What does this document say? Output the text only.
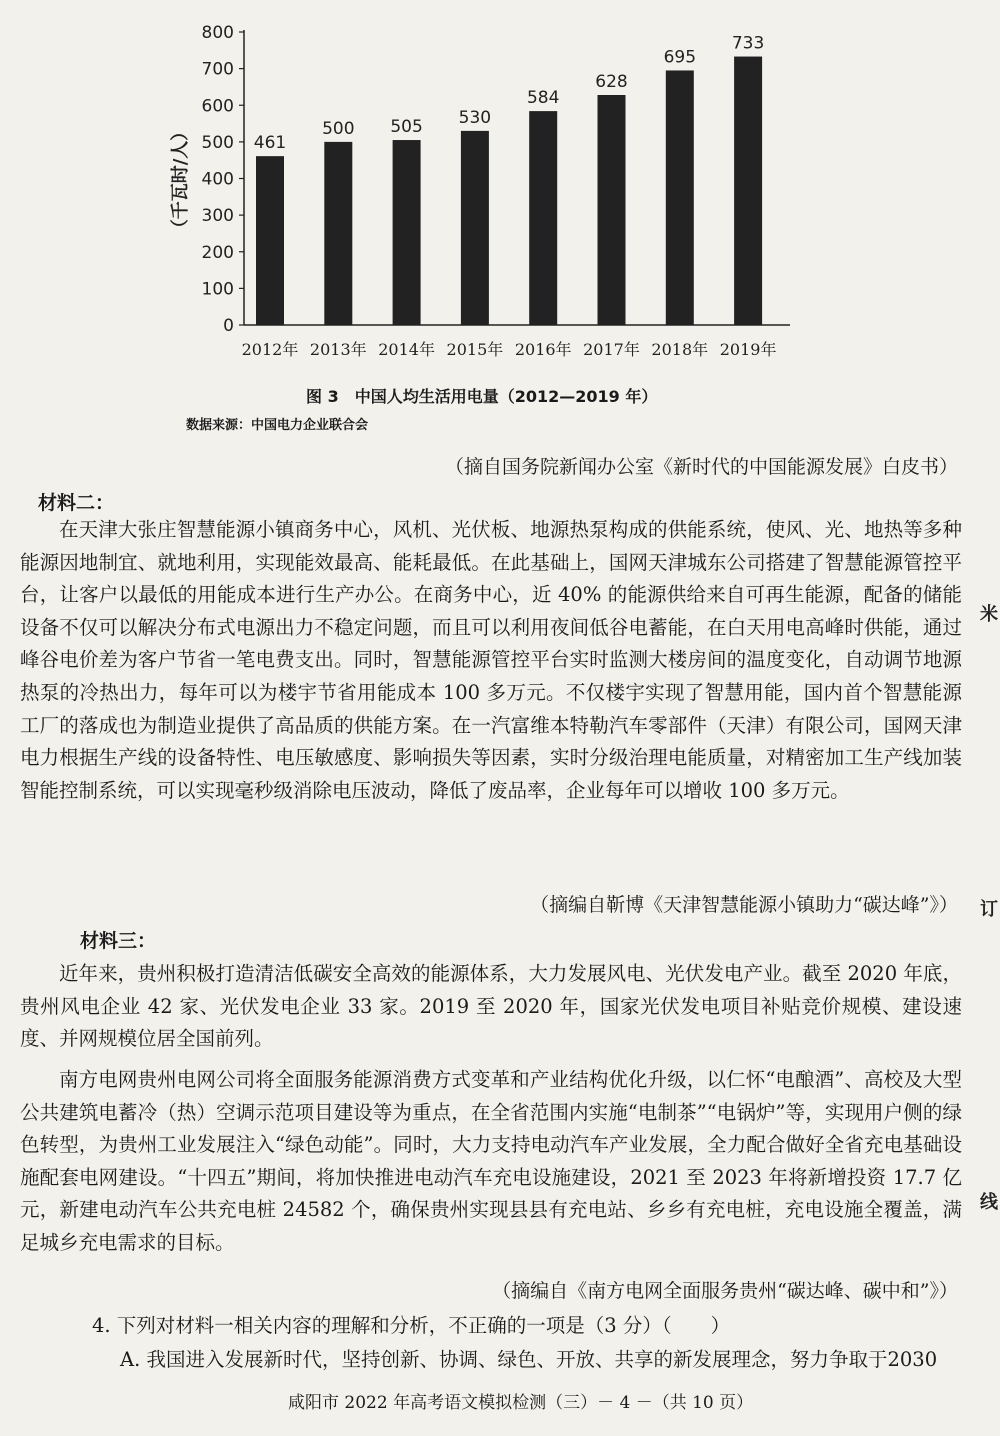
0
100
200
300
400
500
600
700
800
461
2012年
500
2013年
505
2014年
530
2015年
584
2016年
628
2017年
695
2018年
733
2019年
（千瓦时/人）
图 3　中国人均生活用电量（2012—2019 年）
数据来源：中国电力企业联合会
（摘自国务院新闻办公室《新时代的中国能源发展》白皮书）
材料二：
在天津大张庄智慧能源小镇商务中心，风机、光伏板、地源热泵构成的供能系统，使风、光、地热等多种能源因地制宜、就地利用，实现能效最高、能耗最低。在此基础上，国网天津城东公司搭建了智慧能源管控平台，让客户以最低的用能成本进行生产办公。在商务中心，近 40% 的能源供给来自可再生能源，配备的储能设备不仅可以解决分布式电源出力不稳定问题，而且可以利用夜间低谷电蓄能，在白天用电高峰时供能，通过峰谷电价差为客户节省一笔电费支出。同时，智慧能源管控平台实时监测大楼房间的温度变化，自动调节地源热泵的冷热出力，每年可以为楼宇节省用能成本 100 多万元。不仅楼宇实现了智慧用能，国内首个智慧能源工厂的落成也为制造业提供了高品质的供能方案。在一汽富维本特勒汽车零部件（天津）有限公司，国网天津电力根据生产线的设备特性、电压敏感度、影响损失等因素，实时分级治理电能质量，对精密加工生产线加装智能控制系统，可以实现毫秒级消除电压波动，降低了废品率，企业每年可以增收 100 多万元。
（摘编自靳博《天津智慧能源小镇助力“碳达峰”》）
材料三：
近年来，贵州积极打造清洁低碳安全高效的能源体系，大力发展风电、光伏发电产业。截至 2020 年底，贵州风电企业 42 家、光伏发电企业 33 家。2019 至 2020 年，国家光伏发电项目补贴竞价规模、建设速度、并网规模位居全国前列。
南方电网贵州电网公司将全面服务能源消费方式变革和产业结构优化升级，以仁怀“电酿酒”、高校及大型公共建筑电蓄冷（热）空调示范项目建设等为重点，在全省范围内实施“电制茶”“电锅炉”等，实现用户侧的绿色转型，为贵州工业发展注入“绿色动能”。同时，大力支持电动汽车产业发展，全力配合做好全省充电基础设施配套电网建设。“十四五”期间，将加快推进电动汽车充电设施建设，2021 至 2023 年将新增投资 17.7 亿元，新建电动汽车公共充电桩 24582 个，确保贵州实现县县有充电站、乡乡有充电桩，充电设施全覆盖，满足城乡充电需求的目标。
（摘编自《南方电网全面服务贵州“碳达峰、碳中和”》）
4. 下列对材料一相关内容的理解和分析，不正确的一项是（3 分）（　　）
A. 我国进入发展新时代，坚持创新、协调、绿色、开放、共享的新发展理念，努力争取于2030
咸阳市 2022 年高考语文模拟检测（三）－ 4 －（共 10 页）
米
订
线
